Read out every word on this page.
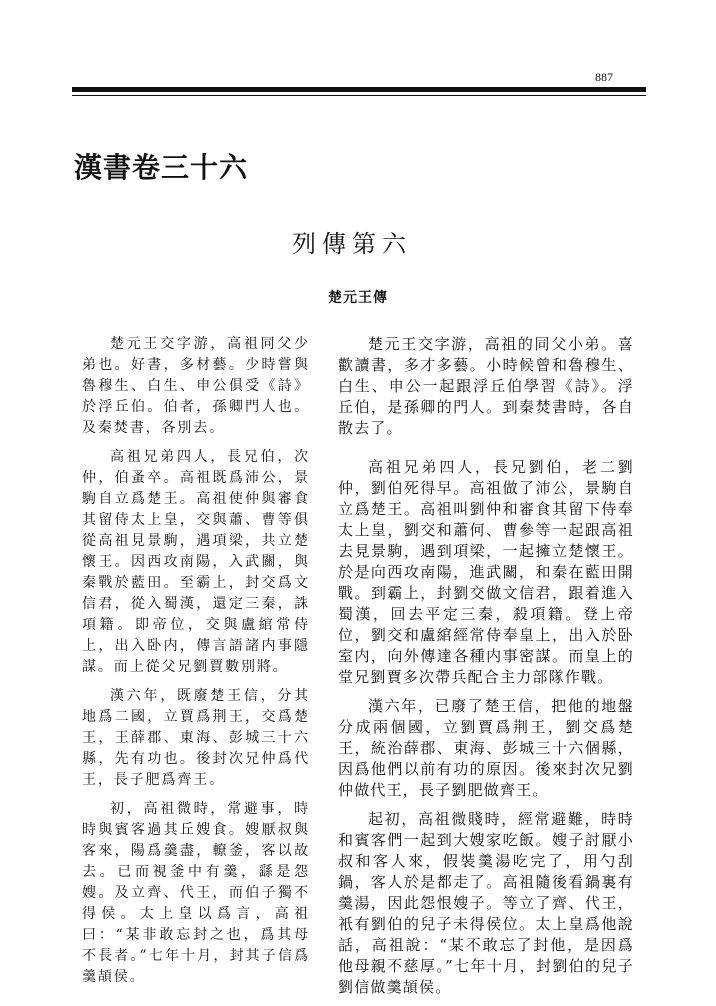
887
漢書卷三十六
列傳第六
楚元王傳

楚元王交字游，高祖同父少弟也。好書，多材藝。少時嘗與魯穆生、白生、申公俱受《詩》於浮丘伯。伯者，孫卿門人也。及秦焚書，各別去。

高祖兄弟四人，長兄伯，次仲，伯蚤卒。高祖既爲沛公，景駒自立爲楚王。高祖使仲與審食其留侍太上皇，交與蕭、曹等俱從高祖見景駒，遇項梁，共立楚懷王。因西攻南陽，入武關，與秦戰於藍田。至霸上，封交爲文信君，從入蜀漢，還定三秦，誅項籍。即帝位，交與盧綰常侍上，出入卧内，傳言語諸内事隱謀。而上從父兄劉賈數別將。

漢六年，既廢楚王信，分其地爲二國，立賈爲荆王，交爲楚王，王薛郡、東海、彭城三十六縣，先有功也。後封次兄仲爲代王，長子肥爲齊王。

初，高祖微時，常避事，時時與賓客過其丘嫂食。嫂厭叔與客來，陽爲羹盡，轑釜，客以故去。已而視釜中有羹，繇是怨嫂。及立齊、代王，而伯子獨不得侯。太上皇以爲言，高祖曰：“某非敢忘封之也，爲其母不長者。”七年十月，封其子信爲羹頡侯。

楚元王交字游，高祖的同父小弟。喜歡讀書，多才多藝。小時候曾和魯穆生、白生、申公一起跟浮丘伯學習《詩》。浮丘伯，是孫卿的門人。到秦焚書時，各自散去了。

高祖兄弟四人，長兄劉伯，老二劉仲，劉伯死得早。高祖做了沛公，景駒自立爲楚王。高祖叫劉仲和審食其留下侍奉太上皇，劉交和蕭何、曹參等一起跟高祖去見景駒，遇到項梁，一起擁立楚懷王。於是向西攻南陽，進武關，和秦在藍田開戰。到霸上，封劉交做文信君，跟着進入蜀漢，回去平定三秦，殺項籍。登上帝位，劉交和盧綰經常侍奉皇上，出入於卧室内，向外傳達各種内事密謀。而皇上的堂兄劉賈多次帶兵配合主力部隊作戰。

漢六年，已廢了楚王信，把他的地盤分成兩個國，立劉賈爲荆王，劉交爲楚王，統治薛郡、東海、彭城三十六個縣，因爲他們以前有功的原因。後來封次兄劉仲做代王，長子劉肥做齊王。

起初，高祖微賤時，經常避難，時時和賓客們一起到大嫂家吃飯。嫂子討厭小叔和客人來，假裝羹湯吃完了，用勺刮鍋，客人於是都走了。高祖隨後看鍋裏有羹湯，因此怨恨嫂子。等立了齊、代王，衹有劉伯的兒子未得侯位。太上皇爲他說話，高祖說：“某不敢忘了封他，是因爲他母親不慈厚。”七年十月，封劉伯的兒子劉信做羹頡侯。
